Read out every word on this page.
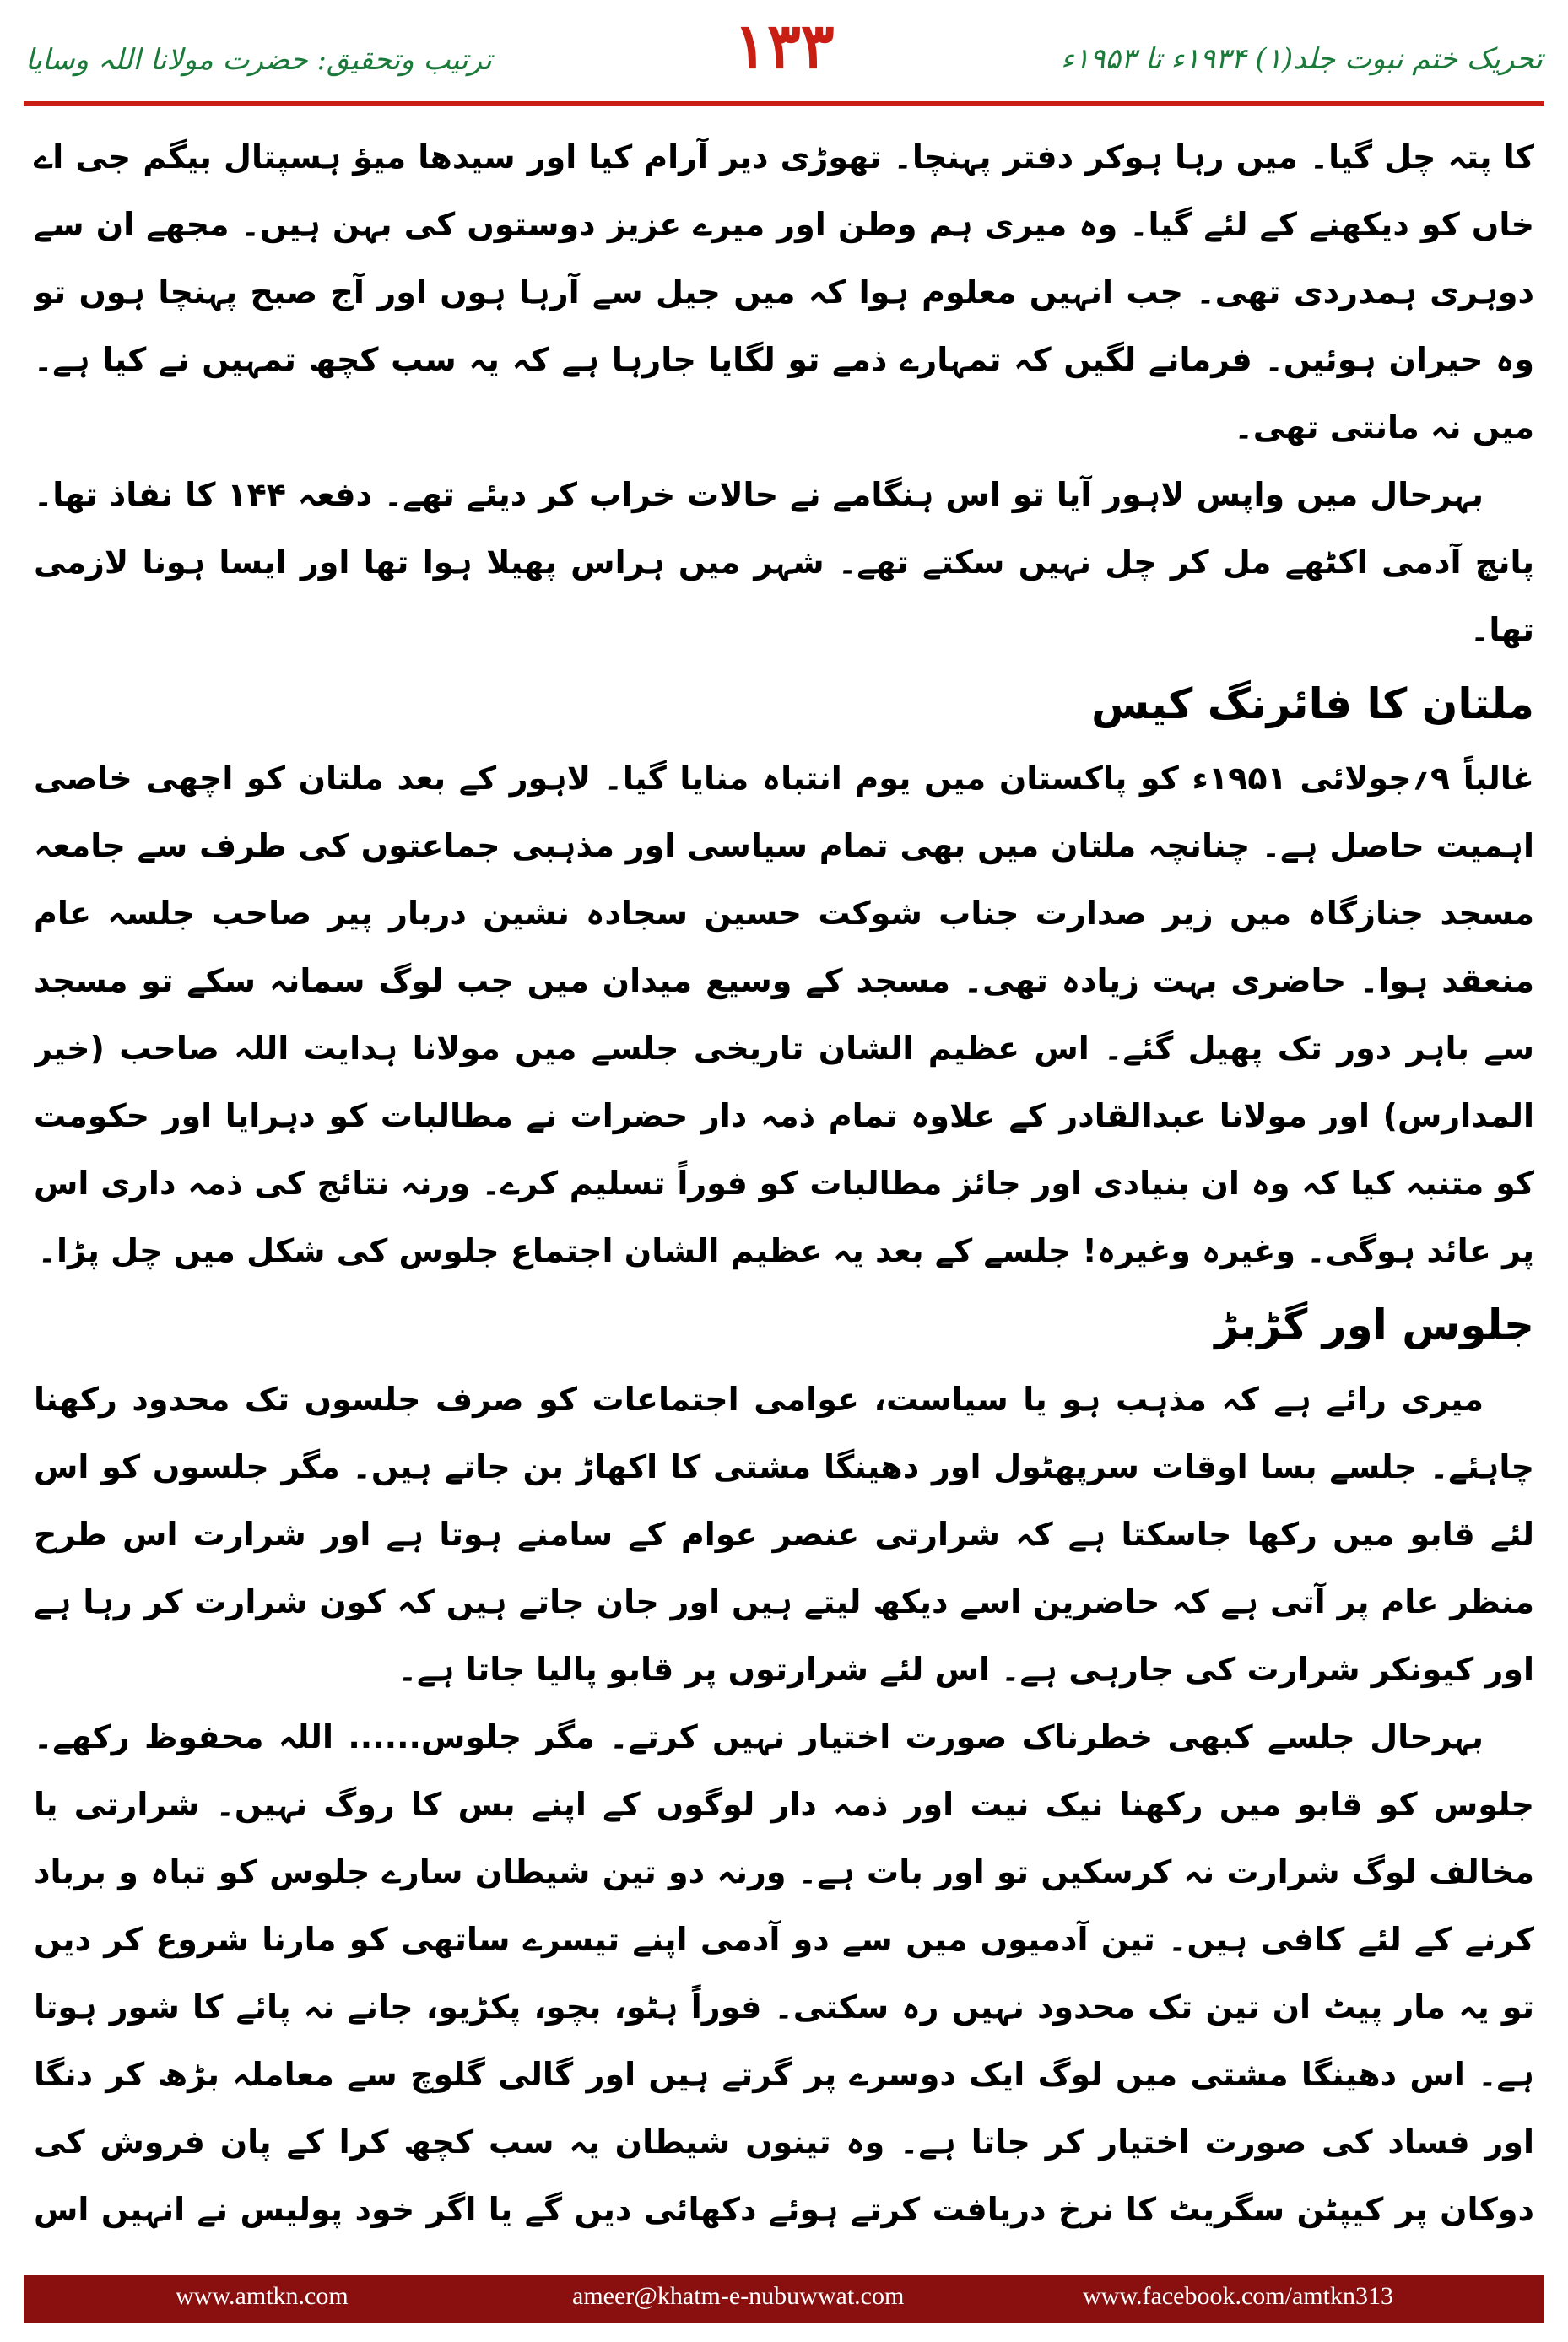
تحریک ختم نبوت جلد(۱) ۱۹۳۴ء تا ۱۹۵۳ء
۱۳۳
ترتیب وتحقیق: حضرت مولانا اللہ وسایا

کا پتہ چل گیا۔ میں رہا ہوکر دفتر پہنچا۔ تھوڑی دیر آرام کیا اور سیدھا میؤ ہسپتال بیگم جی اے خاں کو دیکھنے کے لئے گیا۔ وہ میری ہم وطن اور میرے عزیز دوستوں کی بہن ہیں۔ مجھے ان سے دوہری ہمدردی تھی۔ جب انہیں معلوم ہوا کہ میں جیل سے آرہا ہوں اور آج صبح پہنچا ہوں تو وہ حیران ہوئیں۔ فرمانے لگیں کہ تمہارے ذمے تو لگایا جارہا ہے کہ یہ سب کچھ تمہیں نے کیا ہے۔ میں نہ مانتی تھی۔

بہرحال میں واپس لاہور آیا تو اس ہنگامے نے حالات خراب کر دیئے تھے۔ دفعہ ۱۴۴ کا نفاذ تھا۔ پانچ آدمی اکٹھے مل کر چل نہیں سکتے تھے۔ شہر میں ہراس پھیلا ہوا تھا اور ایسا ہونا لازمی تھا۔

ملتان کا فائرنگ کیس

غالباً ۹؍جولائی ۱۹۵۱ء کو پاکستان میں یوم انتباہ منایا گیا۔ لاہور کے بعد ملتان کو اچھی خاصی اہمیت حاصل ہے۔ چنانچہ ملتان میں بھی تمام سیاسی اور مذہبی جماعتوں کی طرف سے جامعہ مسجد جنازگاہ میں زیر صدارت جناب شوکت حسین سجادہ نشین دربار پیر صاحب جلسہ عام منعقد ہوا۔ حاضری بہت زیادہ تھی۔ مسجد کے وسیع میدان میں جب لوگ سمانہ سکے تو مسجد سے باہر دور تک پھیل گئے۔ اس عظیم الشان تاریخی جلسے میں مولانا ہدایت اللہ صاحب (خیر المدارس) اور مولانا عبدالقادر کے علاوہ تمام ذمہ دار حضرات نے مطالبات کو دہرایا اور حکومت کو متنبہ کیا کہ وہ ان بنیادی اور جائز مطالبات کو فوراً تسلیم کرے۔ ورنہ نتائج کی ذمہ داری اس پر عائد ہوگی۔ وغیرہ وغیرہ! جلسے کے بعد یہ عظیم الشان اجتماع جلوس کی شکل میں چل پڑا۔

جلوس اور گڑبڑ

میری رائے ہے کہ مذہب ہو یا سیاست، عوامی اجتماعات کو صرف جلسوں تک محدود رکھنا چاہئے۔ جلسے بسا اوقات سرپھٹول اور دھینگا مشتی کا اکھاڑ بن جاتے ہیں۔ مگر جلسوں کو اس لئے قابو میں رکھا جاسکتا ہے کہ شرارتی عنصر عوام کے سامنے ہوتا ہے اور شرارت اس طرح منظر عام پر آتی ہے کہ حاضرین اسے دیکھ لیتے ہیں اور جان جاتے ہیں کہ کون شرارت کر رہا ہے اور کیونکر شرارت کی جارہی ہے۔ اس لئے شرارتوں پر قابو پالیا جاتا ہے۔

بہرحال جلسے کبھی خطرناک صورت اختیار نہیں کرتے۔ مگر جلوس...... اللہ محفوظ رکھے۔ جلوس کو قابو میں رکھنا نیک نیت اور ذمہ دار لوگوں کے اپنے بس کا روگ نہیں۔ شرارتی یا مخالف لوگ شرارت نہ کرسکیں تو اور بات ہے۔ ورنہ دو تین شیطان سارے جلوس کو تباہ و برباد کرنے کے لئے کافی ہیں۔ تین آدمیوں میں سے دو آدمی اپنے تیسرے ساتھی کو مارنا شروع کر دیں تو یہ مار پیٹ ان تین تک محدود نہیں رہ سکتی۔ فوراً ہٹو، بچو، پکڑیو، جانے نہ پائے کا شور ہوتا ہے۔ اس دھینگا مشتی میں لوگ ایک دوسرے پر گرتے ہیں اور گالی گلوچ سے معاملہ بڑھ کر دنگا اور فساد کی صورت اختیار کر جاتا ہے۔ وہ تینوں شیطان یہ سب کچھ کرا کے پان فروش کی دوکان پر کیپٹن سگریٹ کا نرخ دریافت کرتے ہوئے دکھائی دیں گے یا اگر خود پولیس نے انہیں اس

www.amtkn.com	ameer@khatm-e-nubuwwat.com	www.facebook.com/amtkn313
